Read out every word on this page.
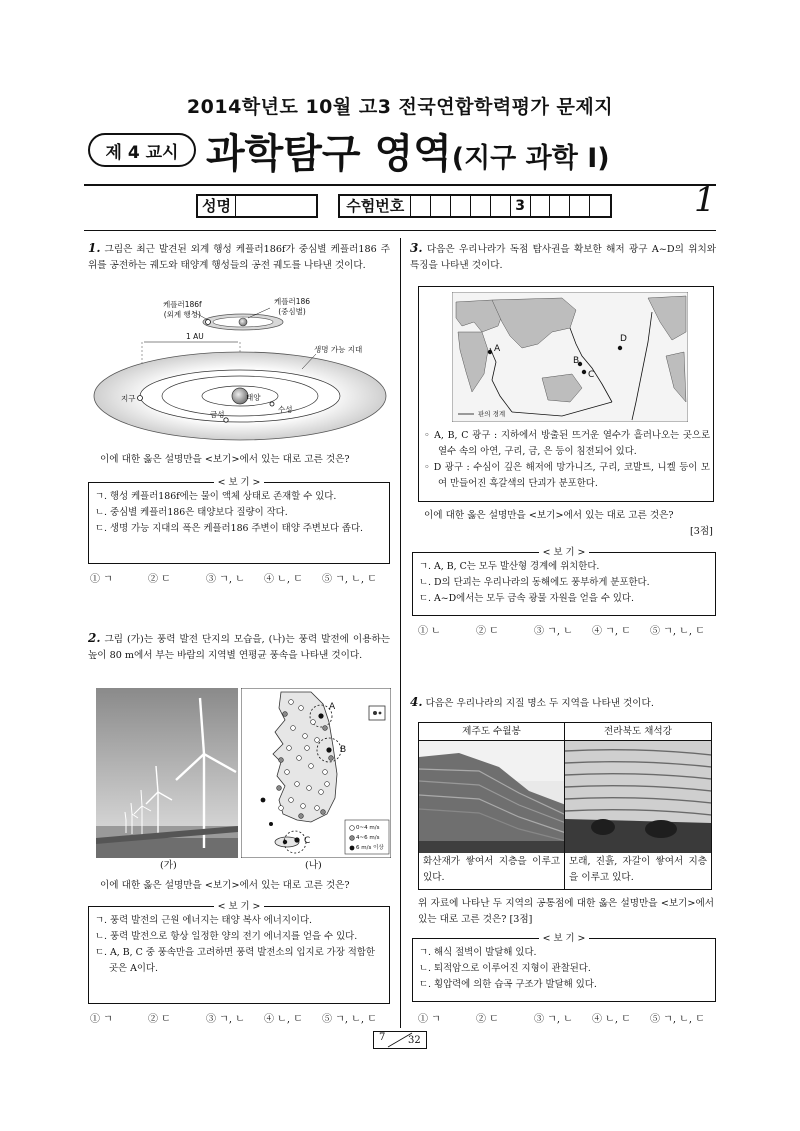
2014학년도 10월 고3 전국연합학력평가 문제지
제 4 교시 과학탐구 영역(지구 과학 Ⅰ)
성명	수험번호	3	1
1. 그림은 최근 발견된 외계 행성 케플러186f가 중심별 케플러186 주위를 공전하는 궤도와 태양계 행성들의 공전 궤도를 나타낸 것이다.
케플러186f
(외계 행성)
케플러186
(중심별)
1 AU
생명 가능 지대
지구	태양
금성
수성
이에 대한 옳은 설명만을 <보기>에서 있는 대로 고른 것은?
< 보 기 >
ㄱ. 행성 케플러186f에는 물이 액체 상태로 존재할 수 있다.
ㄴ. 중심별 케플러186은 태양보다 질량이 작다.
ㄷ. 생명 가능 지대의 폭은 케플러186 주변이 태양 주변보다 좁다.
① ㄱ	② ㄷ	③ ㄱ, ㄴ	④ ㄴ, ㄷ	⑤ ㄱ, ㄴ, ㄷ
2. 그림 (가)는 풍력 발전 단지의 모습을, (나)는 풍력 발전에 이용하는 높이 80 m에서 부는 바람의 지역별 연평균 풍속을 나타낸 것이다.
A
B
C
0~4 m/s
4~6 m/s
6 m/s 이상
(가)	(나)
이에 대한 옳은 설명만을 <보기>에서 있는 대로 고른 것은?
< 보 기 >
ㄱ. 풍력 발전의 근원 에너지는 태양 복사 에너지이다.
ㄴ. 풍력 발전으로 항상 일정한 양의 전기 에너지를 얻을 수 있다.
ㄷ. A, B, C 중 풍속만을 고려하면 풍력 발전소의 입지로 가장 적합한 곳은 A이다.
① ㄱ	② ㄷ	③ ㄱ, ㄴ	④ ㄴ, ㄷ	⑤ ㄱ, ㄴ, ㄷ
3. 다음은 우리나라가 독점 탐사권을 확보한 해저 광구 A~D의 위치와 특징을 나타낸 것이다.
A
B
C
D
판의 경계
◦ A, B, C 광구 : 지하에서 방출된 뜨거운 열수가 흘러나오는 곳으로 열수 속의 아연, 구리, 금, 은 등이 침전되어 있다.
◦ D 광구 : 수심이 깊은 해저에 망가니즈, 구리, 코발트, 니켈 등이 모여 만들어진 흑갈색의 단괴가 분포한다.
이에 대한 옳은 설명만을 <보기>에서 있는 대로 고른 것은?
[3점]
< 보 기 >
ㄱ. A, B, C는 모두 발산형 경계에 위치한다.
ㄴ. D의 단괴는 우리나라의 동해에도 풍부하게 분포한다.
ㄷ. A~D에서는 모두 금속 광물 자원을 얻을 수 있다.
① ㄴ	② ㄷ	③ ㄱ, ㄴ	④ ㄱ, ㄷ	⑤ ㄱ, ㄴ, ㄷ
4. 다음은 우리나라의 지질 명소 두 지역을 나타낸 것이다.
제주도 수월봉	전라북도 채석강
화산재가 쌓여서 지층을 이루고 있다.
모래, 진흙, 자갈이 쌓여서 지층을 이루고 있다.
위 자료에 나타난 두 지역의 공통점에 대한 옳은 설명만을 <보기>에서 있는 대로 고른 것은? [3점]
< 보 기 >
ㄱ. 해식 절벽이 발달해 있다.
ㄴ. 퇴적암으로 이루어진 지형이 관찰된다.
ㄷ. 횡압력에 의한 습곡 구조가 발달해 있다.
① ㄱ	② ㄷ	③ ㄱ, ㄴ	④ ㄴ, ㄷ	⑤ ㄱ, ㄴ, ㄷ
7 32
